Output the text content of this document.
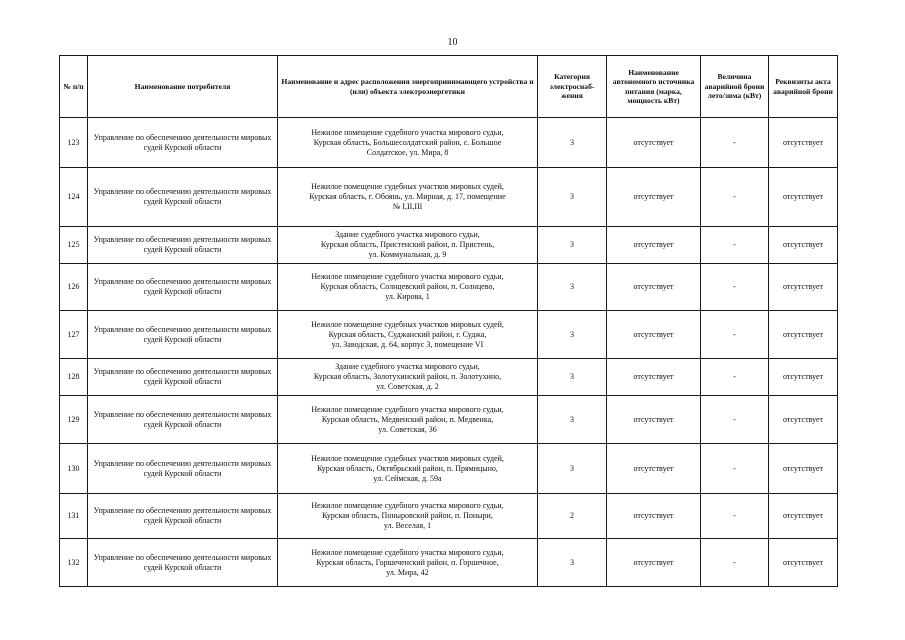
10
№ п/п	Наименование потребителя	Наименование и адрес расположения энергопринимающего устройства и (или) объекта электроэнергетики	Категория электроснаб-жения	Наименование автономного источника питания (марка, мощность кВт)	Величина аварийной брони лето/зима (кВт)	Реквизиты акта аварийной брони
123	Управление по обеспечению деятельности мировых судей Курской области	Нежилое помещение судебного участка мирового судьи,
Курская область, Большесолдатский район, с. Большое
Солдатское, ул. Мира, 8	3	отсутствует	-	отсутствует
124	Управление по обеспечению деятельности мировых судей Курской области	Нежилое помещение судебных участков мировых судей,
Курская область, г. Обоянь, ул. Мирная, д. 17, помещение
№ I,II,III	3	отсутствует	-	отсутствует
125	Управление по обеспечению деятельности мировых судей Курской области	Здание судебного участка мирового судьи,
Курская область, Пристенский район, п. Пристень,
ул. Коммунальная, д. 9	3	отсутствует	-	отсутствует
126	Управление по обеспечению деятельности мировых судей Курской области	Нежилое помещение судебного участка мирового судьи,
Курская область, Солнцевский район, п. Солнцево,
ул. Кирова, 1	3	отсутствует	-	отсутствует
127	Управление по обеспечению деятельности мировых судей Курской области	Нежилое помещение судебных участков мировых судей,
Курская область, Суджанский район, г. Суджа,
ул. Заводская, д. 64, корпус 3, помещение VI	3	отсутствует	-	отсутствует
128	Управление по обеспечению деятельности мировых судей Курской области	Здание судебного участка мирового судьи,
Курская область, Золотухинский район, п. Золотухино,
ул. Советская, д. 2	3	отсутствует	-	отсутствует
129	Управление по обеспечению деятельности мировых судей Курской области	Нежилое помещение судебного участка мирового судьи,
Курская область, Медвенский район, п. Медвенка,
ул. Советская, 36	3	отсутствует	-	отсутствует
130	Управление по обеспечению деятельности мировых судей Курской области	Нежилое помещение судебных участков мировых судей,
Курская область, Октябрьский район, п. Прямицыно,
ул. Сеймская, д. 59а	3	отсутствует	-	отсутствует
131	Управление по обеспечению деятельности мировых судей Курской области	Нежилое помещение судебного участка мирового судьи,
Курская область, Поныровский район, п. Поныри,
ул. Веселая, 1	2	отсутствует	-	отсутствует
132	Управление по обеспечению деятельности мировых судей Курской области	Нежилое помещение судебного участка мирового судьи,
Курская область, Горшеченский район, п. Горшечное,
ул. Мира, 42	3	отсутствует	-	отсутствует
